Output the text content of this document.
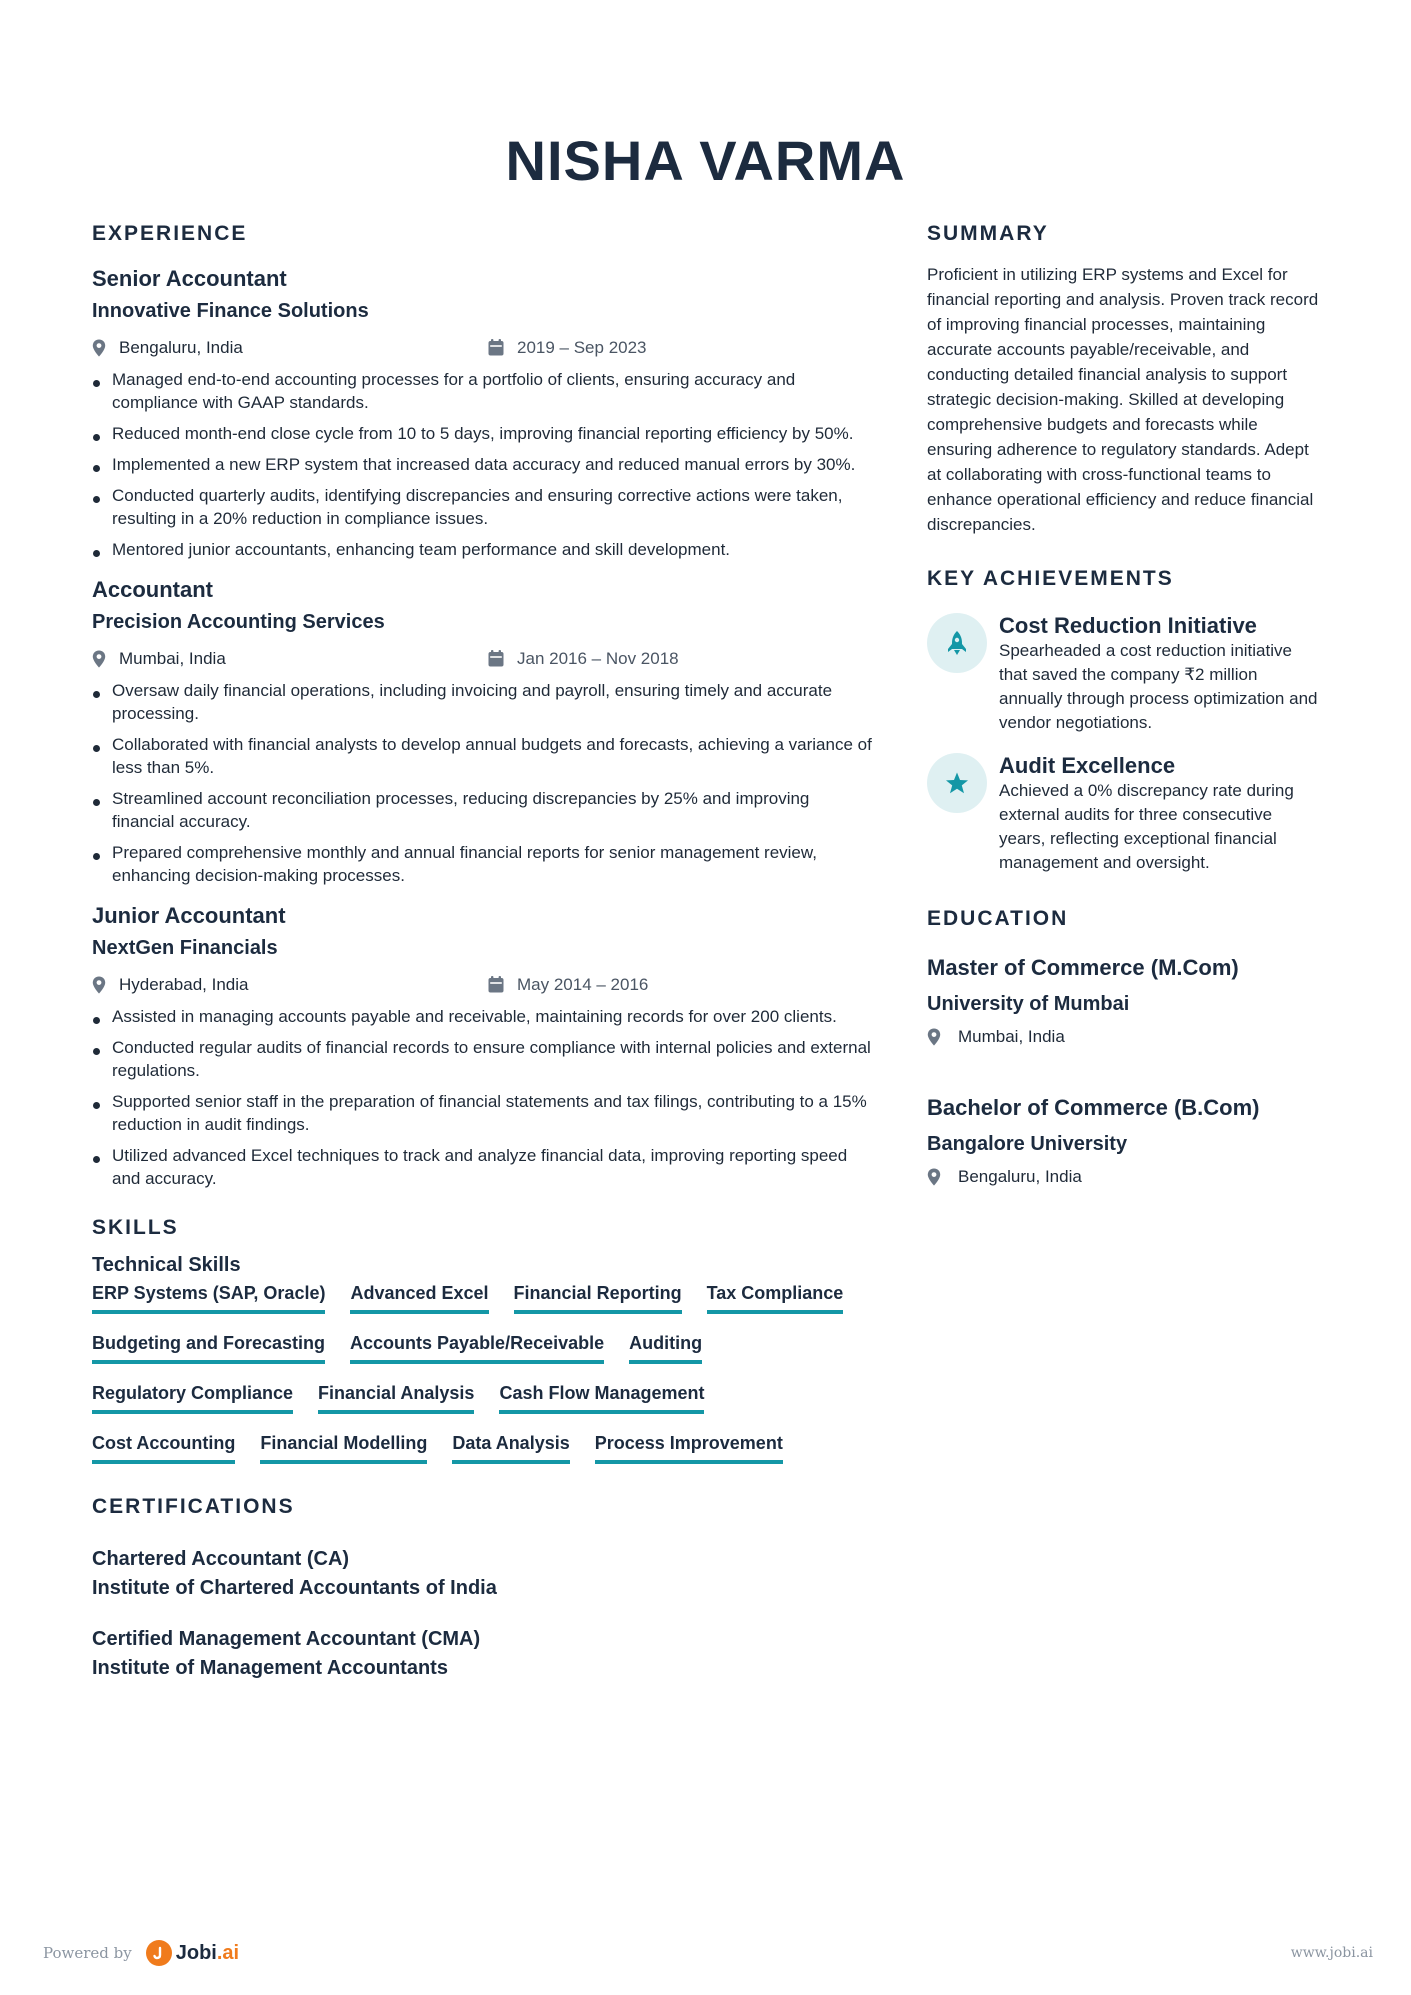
NISHA VARMA
EXPERIENCE
Senior Accountant
Innovative Finance Solutions
Bengaluru, India	2019 – Sep 2023
Managed end-to-end accounting processes for a portfolio of clients, ensuring accuracy and compliance with GAAP standards.
Reduced month-end close cycle from 10 to 5 days, improving financial reporting efficiency by 50%.
Implemented a new ERP system that increased data accuracy and reduced manual errors by 30%.
Conducted quarterly audits, identifying discrepancies and ensuring corrective actions were taken, resulting in a 20% reduction in compliance issues.
Mentored junior accountants, enhancing team performance and skill development.
Accountant
Precision Accounting Services
Mumbai, India	Jan 2016 – Nov 2018
Oversaw daily financial operations, including invoicing and payroll, ensuring timely and accurate processing.
Collaborated with financial analysts to develop annual budgets and forecasts, achieving a variance of less than 5%.
Streamlined account reconciliation processes, reducing discrepancies by 25% and improving financial accuracy.
Prepared comprehensive monthly and annual financial reports for senior management review, enhancing decision-making processes.
Junior Accountant
NextGen Financials
Hyderabad, India	May 2014 – 2016
Assisted in managing accounts payable and receivable, maintaining records for over 200 clients.
Conducted regular audits of financial records to ensure compliance with internal policies and external regulations.
Supported senior staff in the preparation of financial statements and tax filings, contributing to a 15% reduction in audit findings.
Utilized advanced Excel techniques to track and analyze financial data, improving reporting speed and accuracy.
SKILLS
Technical Skills
ERP Systems (SAP, Oracle) Advanced Excel Financial Reporting Tax Compliance
Budgeting and Forecasting Accounts Payable/Receivable Auditing
Regulatory Compliance Financial Analysis Cash Flow Management
Cost Accounting Financial Modelling Data Analysis Process Improvement
CERTIFICATIONS
Chartered Accountant (CA)
Institute of Chartered Accountants of India
Certified Management Accountant (CMA)
Institute of Management Accountants
SUMMARY
Proficient in utilizing ERP systems and Excel for financial reporting and analysis. Proven track record of improving financial processes, maintaining accurate accounts payable/receivable, and conducting detailed financial analysis to support strategic decision-making. Skilled at developing comprehensive budgets and forecasts while ensuring adherence to regulatory standards. Adept at collaborating with cross-functional teams to enhance operational efficiency and reduce financial discrepancies.
KEY ACHIEVEMENTS
Cost Reduction Initiative
Spearheaded a cost reduction initiative that saved the company ₹2 million annually through process optimization and vendor negotiations.
Audit Excellence
Achieved a 0% discrepancy rate during external audits for three consecutive years, reflecting exceptional financial management and oversight.
EDUCATION
Master of Commerce (M.Com)
University of Mumbai
Mumbai, India
Bachelor of Commerce (B.Com)
Bangalore University
Bengaluru, India
Powered by Jobi.ai	www.jobi.ai
